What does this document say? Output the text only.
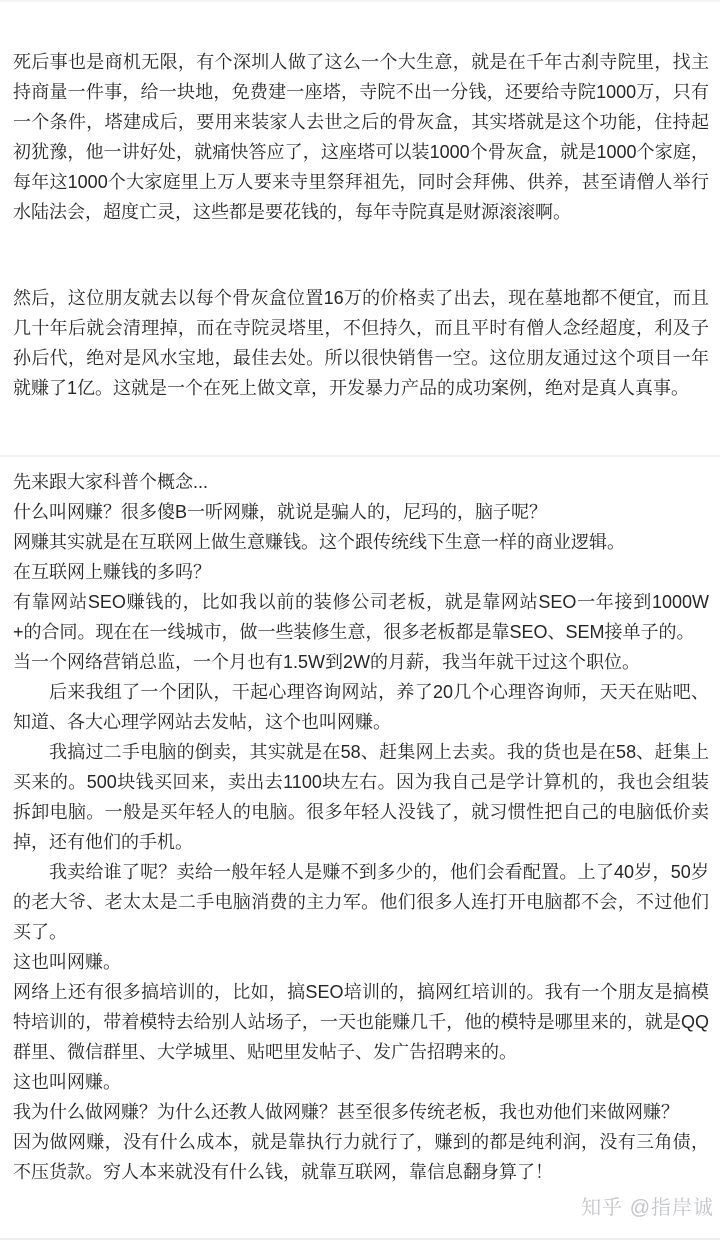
死后事也是商机无限，有个深圳人做了这么一个大生意，就是在千年古刹寺院里，找主持商量一件事，给一块地，免费建一座塔，寺院不出一分钱，还要给寺院1000万，只有一个条件，塔建成后，要用来装家人去世之后的骨灰盒，其实塔就是这个功能，住持起初犹豫，他一讲好处，就痛快答应了，这座塔可以装1000个骨灰盒，就是1000个家庭，每年这1000个大家庭里上万人要来寺里祭拜祖先，同时会拜佛、供养，甚至请僧人举行水陆法会，超度亡灵，这些都是要花钱的，每年寺院真是财源滚滚啊。

然后，这位朋友就去以每个骨灰盒位置16万的价格卖了出去，现在墓地都不便宜，而且几十年后就会清理掉，而在寺院灵塔里，不但持久，而且平时有僧人念经超度，利及子孙后代，绝对是风水宝地，最佳去处。所以很快销售一空。这位朋友通过这个项目一年就赚了1亿。这就是一个在死上做文章，开发暴力产品的成功案例，绝对是真人真事。

先来跟大家科普个概念...

什么叫网赚？很多傻B一听网赚，就说是骗人的，尼玛的，脑子呢？

网赚其实就是在互联网上做生意赚钱。这个跟传统线下生意一样的商业逻辑。

在互联网上赚钱的多吗？

有靠网站SEO赚钱的，比如我以前的装修公司老板，就是靠网站SEO一年接到1000W+的合同。现在在一线城市，做一些装修生意，很多老板都是靠SEO、SEM接单子的。

当一个网络营销总监，一个月也有1.5W到2W的月薪，我当年就干过这个职位。

后来我组了一个团队，干起心理咨询网站，养了20几个心理咨询师，天天在贴吧、知道、各大心理学网站去发帖，这个也叫网赚。

我搞过二手电脑的倒卖，其实就是在58、赶集网上去卖。我的货也是在58、赶集上买来的。500块钱买回来，卖出去1100块左右。因为我自己是学计算机的，我也会组装拆卸电脑。一般是买年轻人的电脑。很多年轻人没钱了，就习惯性把自己的电脑低价卖掉，还有他们的手机。

我卖给谁了呢？卖给一般年轻人是赚不到多少的，他们会看配置。上了40岁，50岁的老大爷、老太太是二手电脑消费的主力军。他们很多人连打开电脑都不会，不过他们买了。

这也叫网赚。

网络上还有很多搞培训的，比如，搞SEO培训的，搞网红培训的。我有一个朋友是搞模特培训的，带着模特去给别人站场子，一天也能赚几千，他的模特是哪里来的，就是QQ群里、微信群里、大学城里、贴吧里发帖子、发广告招聘来的。

这也叫网赚。

我为什么做网赚？为什么还教人做网赚？甚至很多传统老板，我也劝他们来做网赚？

因为做网赚，没有什么成本，就是靠执行力就行了，赚到的都是纯利润，没有三角债，不压货款。穷人本来就没有什么钱，就靠互联网，靠信息翻身算了！

知乎 @指岸诚
